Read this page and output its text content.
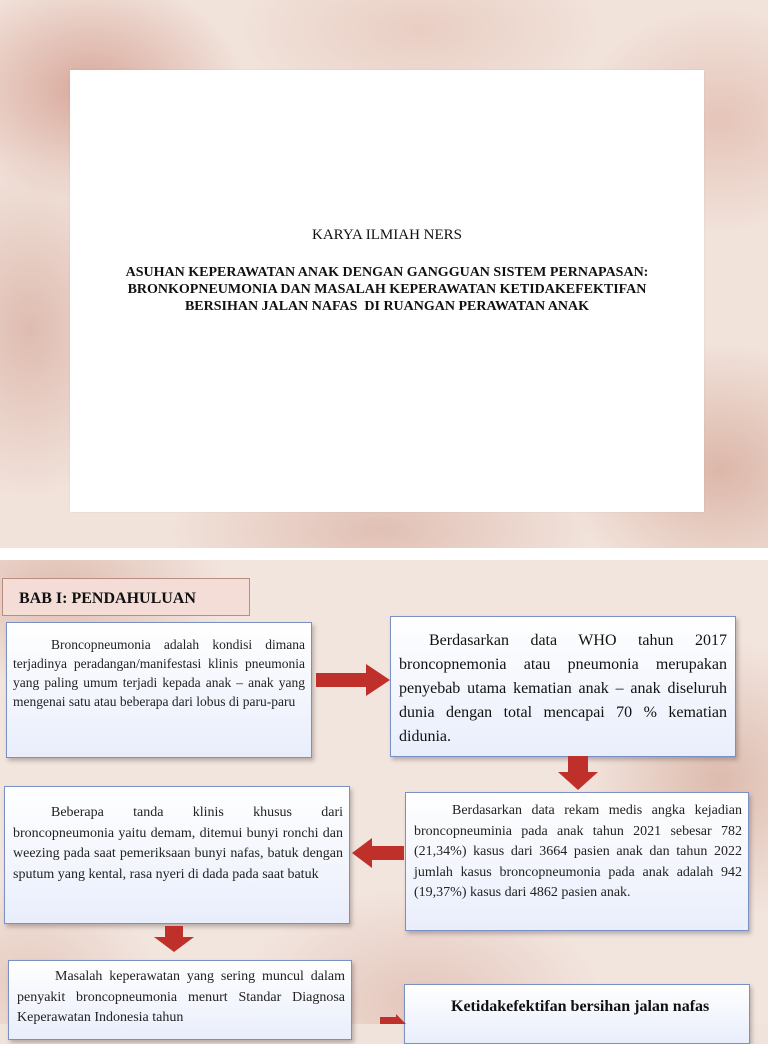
KARYA ILMIAH NERS
ASUHAN KEPERAWATAN ANAK DENGAN GANGGUAN SISTEM PERNAPASAN:
BRONKOPNEUMONIA DAN MASALAH KEPERAWATAN KETIDAKEFEKTIFAN
BERSIHAN JALAN NAFAS  DI RUANGAN PERAWATAN ANAK
BAB I: PENDAHULUAN

Broncopneumonia adalah kondisi dimana terjadinya peradangan/manifestasi klinis pneumonia yang paling umum terjadi kepada anak – anak yang mengenai satu atau beberapa dari lobus di paru-paru

Berdasarkan data WHO tahun 2017 broncopnemonia atau pneumonia merupakan penyebab utama kematian anak – anak diseluruh dunia dengan total mencapai 70 % kematian didunia.

Beberapa tanda klinis khusus dari broncopneumonia yaitu demam, ditemui bunyi ronchi dan weezing pada saat pemeriksaan bunyi nafas, batuk dengan sputum yang kental, rasa nyeri di dada pada saat batuk

Berdasarkan data rekam medis angka kejadian broncopneuminia pada anak tahun 2021 sebesar 782 (21,34%) kasus dari 3664 pasien anak dan tahun 2022 jumlah kasus broncopneumonia pada anak adalah 942 (19,37%) kasus dari 4862 pasien anak.

Masalah keperawatan yang sering muncul dalam penyakit broncopneumonia menurt Standar Diagnosa Keperawatan Indonesia tahun

Ketidakefektifan bersihan jalan nafas
